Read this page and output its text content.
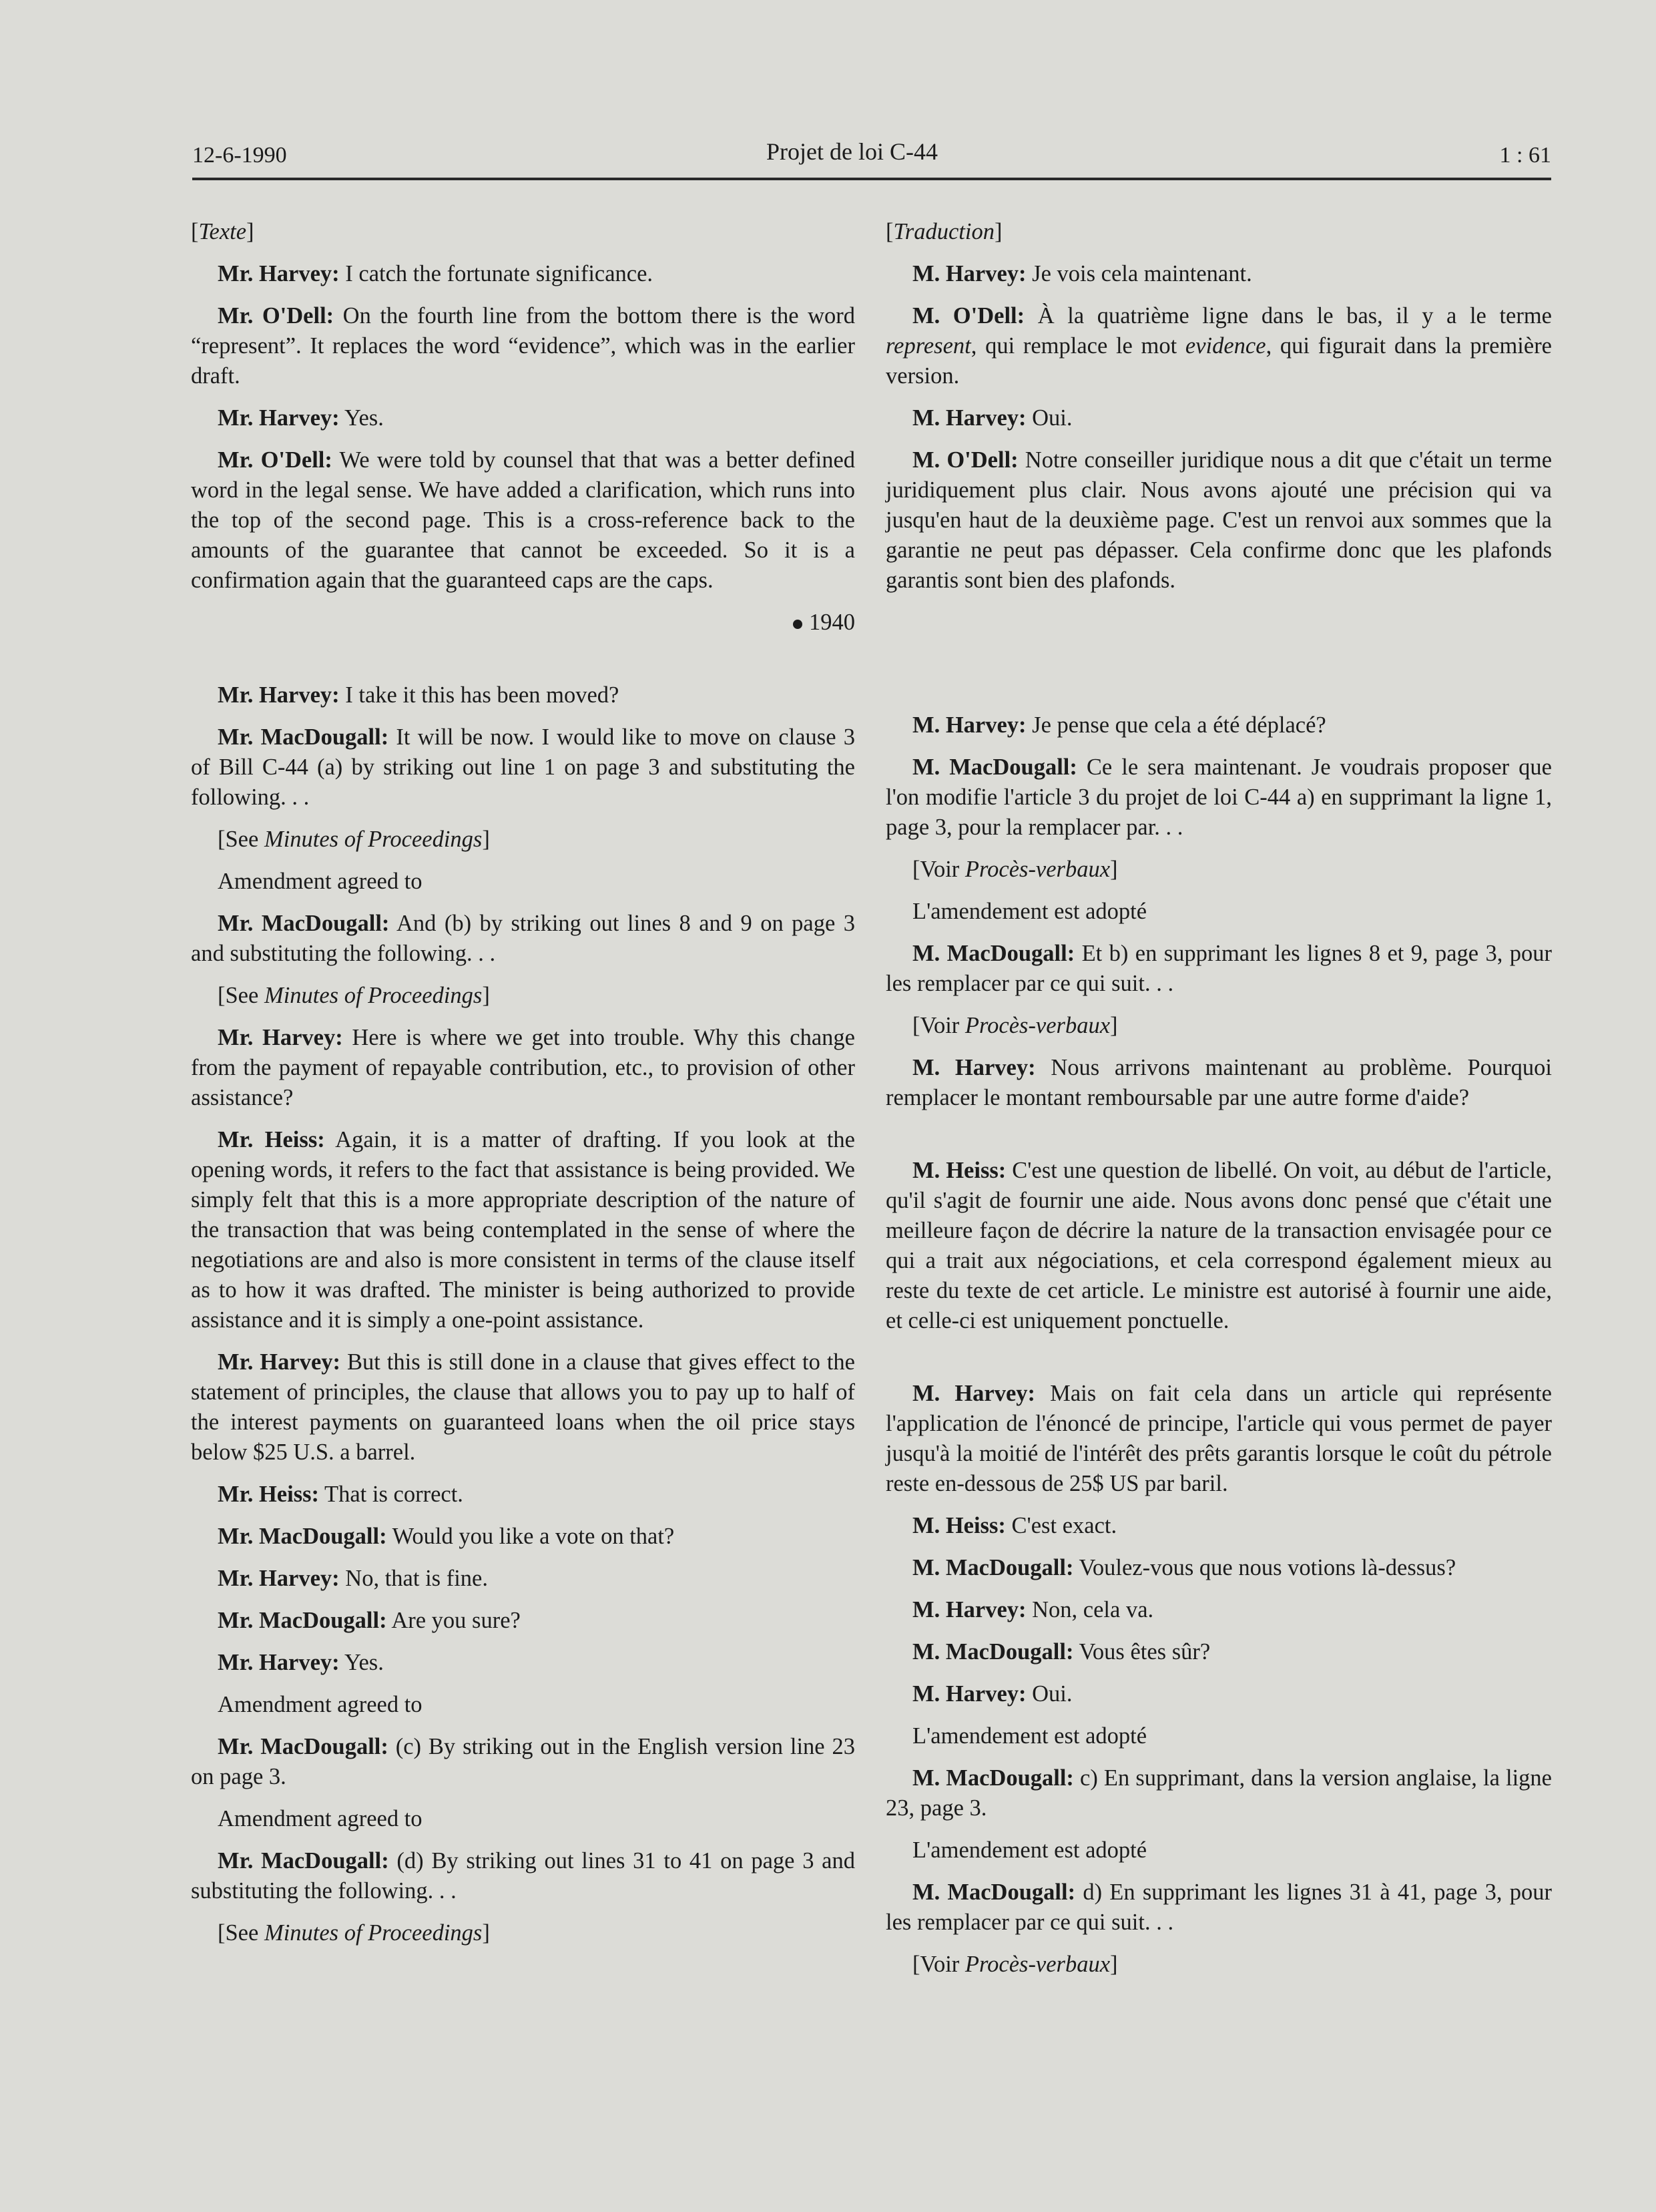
12-6-1990	Projet de loi C-44	1 : 61

[Texte]

Mr. Harvey: I catch the fortunate significance.

Mr. O'Dell: On the fourth line from the bottom there is the word “represent”. It replaces the word “evidence”, which was in the earlier draft.

Mr. Harvey: Yes.

Mr. O'Dell: We were told by counsel that that was a better defined word in the legal sense. We have added a clarification, which runs into the top of the second page. This is a cross-reference back to the amounts of the guarantee that cannot be exceeded. So it is a confirmation again that the guaranteed caps are the caps.

1940

Mr. Harvey: I take it this has been moved?

Mr. MacDougall: It will be now. I would like to move on clause 3 of Bill C-44 (a) by striking out line 1 on page 3 and substituting the following. . .

[See Minutes of Proceedings]

Amendment agreed to

Mr. MacDougall: And (b) by striking out lines 8 and 9 on page 3 and substituting the following. . .

[See Minutes of Proceedings]

Mr. Harvey: Here is where we get into trouble. Why this change from the payment of repayable contribution, etc., to provision of other assistance?

Mr. Heiss: Again, it is a matter of drafting. If you look at the opening words, it refers to the fact that assistance is being provided. We simply felt that this is a more appropriate description of the nature of the transaction that was being contemplated in the sense of where the negotiations are and also is more consistent in terms of the clause itself as to how it was drafted. The minister is being authorized to provide assistance and it is simply a one-point assistance.

Mr. Harvey: But this is still done in a clause that gives effect to the statement of principles, the clause that allows you to pay up to half of the interest payments on guaranteed loans when the oil price stays below $25 U.S. a barrel.

Mr. Heiss: That is correct.

Mr. MacDougall: Would you like a vote on that?

Mr. Harvey: No, that is fine.

Mr. MacDougall: Are you sure?

Mr. Harvey: Yes.

Amendment agreed to

Mr. MacDougall: (c) By striking out in the English version line 23 on page 3.

Amendment agreed to

Mr. MacDougall: (d) By striking out lines 31 to 41 on page 3 and substituting the following. . .

[See Minutes of Proceedings]

[Traduction]

M. Harvey: Je vois cela maintenant.

M. O'Dell: À la quatrième ligne dans le bas, il y a le terme represent, qui remplace le mot evidence, qui figurait dans la première version.

M. Harvey: Oui.

M. O'Dell: Notre conseiller juridique nous a dit que c'était un terme juridiquement plus clair. Nous avons ajouté une précision qui va jusqu'en haut de la deuxième page. C'est un renvoi aux sommes que la garantie ne peut pas dépasser. Cela confirme donc que les plafonds garantis sont bien des plafonds.

M. Harvey: Je pense que cela a été déplacé?

M. MacDougall: Ce le sera maintenant. Je voudrais proposer que l'on modifie l'article 3 du projet de loi C-44 a) en supprimant la ligne 1, page 3, pour la remplacer par. . .

[Voir Procès-verbaux]

L'amendement est adopté

M. MacDougall: Et b) en supprimant les lignes 8 et 9, page 3, pour les remplacer par ce qui suit. . .

[Voir Procès-verbaux]

M. Harvey: Nous arrivons maintenant au problème. Pourquoi remplacer le montant remboursable par une autre forme d'aide?

M. Heiss: C'est une question de libellé. On voit, au début de l'article, qu'il s'agit de fournir une aide. Nous avons donc pensé que c'était une meilleure façon de décrire la nature de la transaction envisagée pour ce qui a trait aux négociations, et cela correspond également mieux au reste du texte de cet article. Le ministre est autorisé à fournir une aide, et celle-ci est uniquement ponctuelle.

M. Harvey: Mais on fait cela dans un article qui représente l'application de l'énoncé de principe, l'article qui vous permet de payer jusqu'à la moitié de l'intérêt des prêts garantis lorsque le coût du pétrole reste en-dessous de 25$ US par baril.

M. Heiss: C'est exact.

M. MacDougall: Voulez-vous que nous votions là-dessus?

M. Harvey: Non, cela va.

M. MacDougall: Vous êtes sûr?

M. Harvey: Oui.

L'amendement est adopté

M. MacDougall: c) En supprimant, dans la version anglaise, la ligne 23, page 3.

L'amendement est adopté

M. MacDougall: d) En supprimant les lignes 31 à 41, page 3, pour les remplacer par ce qui suit. . .

[Voir Procès-verbaux]
